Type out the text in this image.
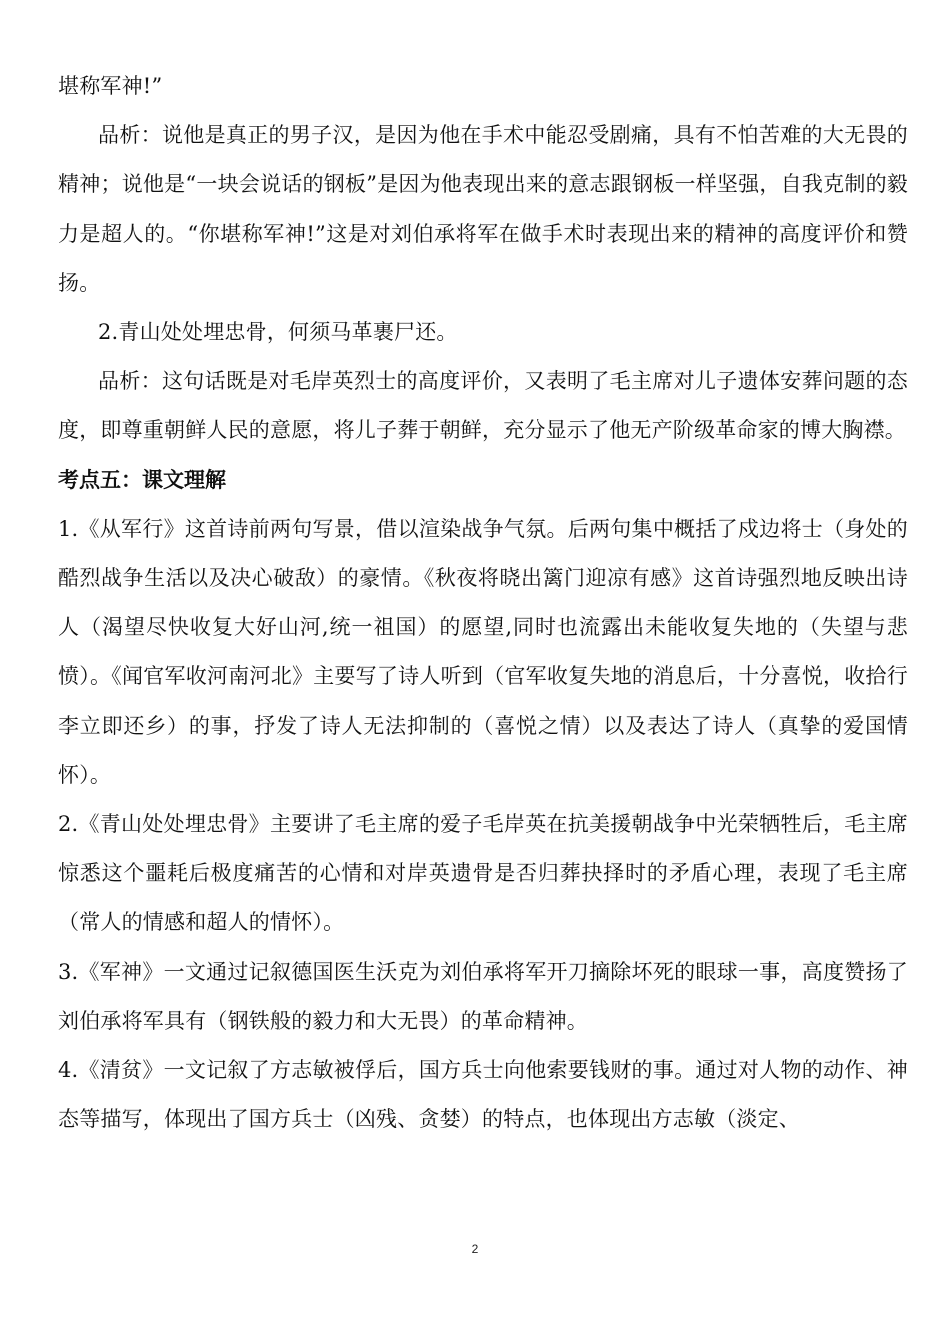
堪称军神!”

品析：说他是真正的男子汉，是因为他在手术中能忍受剧痛，具有不怕苦难的大无畏的精神；说他是“一块会说话的钢板”是因为他表现出来的意志跟钢板一样坚强，自我克制的毅力是超人的。“你堪称军神!”这是对刘伯承将军在做手术时表现出来的精神的高度评价和赞扬。

2.青山处处埋忠骨，何须马革裹尸还。

品析：这句话既是对毛岸英烈士的高度评价，又表明了毛主席对儿子遗体安葬问题的态度，即尊重朝鲜人民的意愿，将儿子葬于朝鲜，充分显示了他无产阶级革命家的博大胸襟。

考点五：课文理解

1.《从军行》这首诗前两句写景，借以渲染战争气氛。后两句集中概括了戍边将士（身处的酷烈战争生活以及决心破敌）的豪情。《秋夜将晓出篱门迎凉有感》这首诗强烈地反映出诗人（渴望尽快收复大好山河,统一祖国）的愿望,同时也流露出未能收复失地的（失望与悲愤）。《闻官军收河南河北》主要写了诗人听到（官军收复失地的消息后，十分喜悦，收拾行李立即还乡）的事，抒发了诗人无法抑制的（喜悦之情）以及表达了诗人（真挚的爱国情怀）。

2.《青山处处埋忠骨》主要讲了毛主席的爱子毛岸英在抗美援朝战争中光荣牺牲后，毛主席惊悉这个噩耗后极度痛苦的心情和对岸英遗骨是否归葬抉择时的矛盾心理，表现了毛主席（常人的情感和超人的情怀）。

3.《军神》一文通过记叙德国医生沃克为刘伯承将军开刀摘除坏死的眼球一事，高度赞扬了刘伯承将军具有（钢铁般的毅力和大无畏）的革命精神。

4.《清贫》一文记叙了方志敏被俘后，国方兵士向他索要钱财的事。通过对人物的动作、神态等描写，体现出了国方兵士（凶残、贪婪）的特点，也体现出方志敏（淡定、

2
